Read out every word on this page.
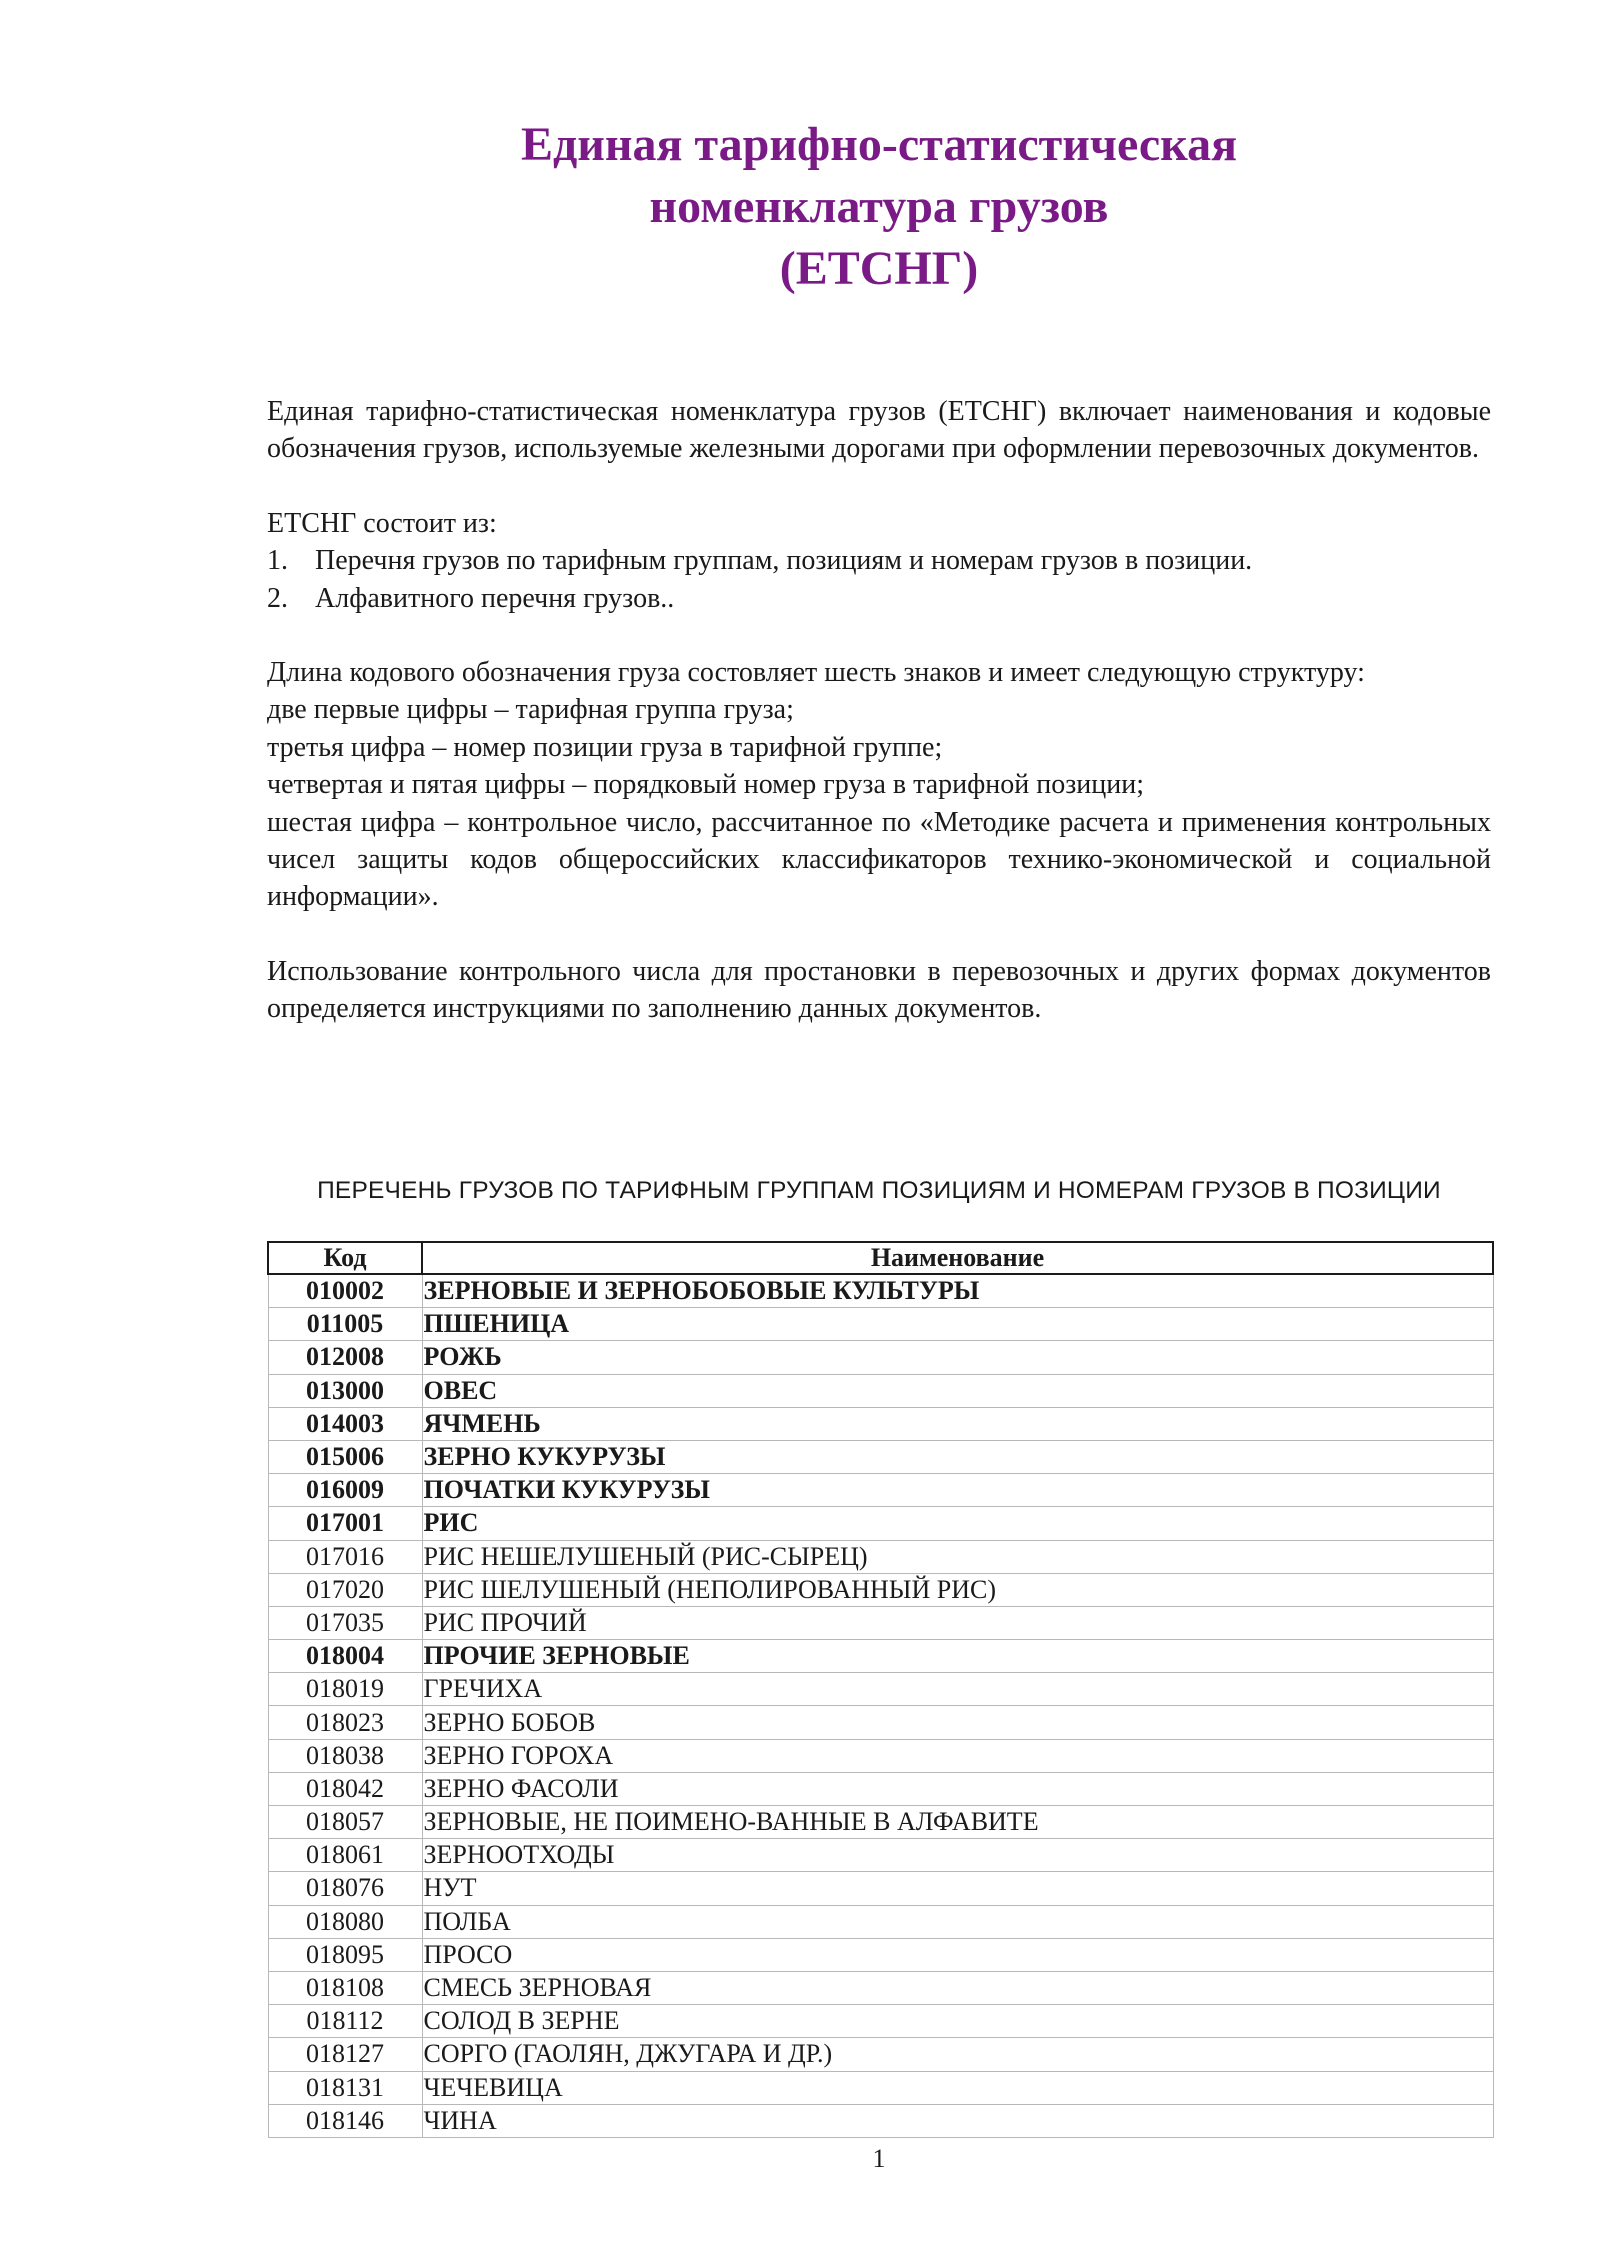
Единая тарифно-статистическая
номенклатура грузов
(ЕТСНГ)

Единая тарифно-статистическая номенклатура грузов (ЕТСНГ) включает наименования и кодовые обозначения грузов, используемые железными дорогами при оформлении перевозочных документов.

ЕТСНГ состоит из:

1. Перечня грузов по тарифным группам, позициям и номерам грузов в позиции.
2. Алфавитного перечня грузов..

Длина кодового обозначения груза состовляет шесть знаков и имеет следующую структуру:

две первые цифры – тарифная группа груза;

третья цифра – номер позиции груза в тарифной группе;

четвертая и пятая цифры – порядковый номер груза в тарифной позиции;

шестая цифра – контрольное число, рассчитанное по «Методике расчета и применения контрольных чисел защиты кодов общероссийских классификаторов технико-экономической и социальной информации».

Использование контрольного числа для простановки в перевозочных и других формах документов определяется инструкциями по заполнению данных документов.

ПЕРЕЧЕНЬ ГРУЗОВ ПО ТАРИФНЫМ ГРУППАМ ПОЗИЦИЯМ И НОМЕРАМ ГРУЗОВ В ПОЗИЦИИ
Код	Наименование
010002	ЗЕРНОВЫЕ И ЗЕРНОБОБОВЫЕ КУЛЬТУРЫ
011005	ПШЕНИЦА
012008	РОЖЬ
013000	ОВЕС
014003	ЯЧМЕНЬ
015006	ЗЕРНО КУКУРУЗЫ
016009	ПОЧАТКИ КУКУРУЗЫ
017001	РИС
017016	РИС НЕШЕЛУШЕНЫЙ (РИС-СЫРЕЦ)
017020	РИС ШЕЛУШЕНЫЙ (НЕПОЛИРОВАННЫЙ РИС)
017035	РИС ПРОЧИЙ
018004	ПРОЧИЕ ЗЕРНОВЫЕ
018019	ГРЕЧИХА
018023	ЗЕРНО БОБОВ
018038	ЗЕРНО ГОРОХА
018042	ЗЕРНО ФАСОЛИ
018057	ЗЕРНОВЫЕ, НЕ ПОИМЕНО-ВАННЫЕ В АЛФАВИТЕ
018061	ЗЕРНООТХОДЫ
018076	НУТ
018080	ПОЛБА
018095	ПРОСО
018108	СМЕСЬ ЗЕРНОВАЯ
018112	СОЛОД В ЗЕРНЕ
018127	СОРГО (ГАОЛЯН, ДЖУГАРА И ДР.)
018131	ЧЕЧЕВИЦА
018146	ЧИНА
1
